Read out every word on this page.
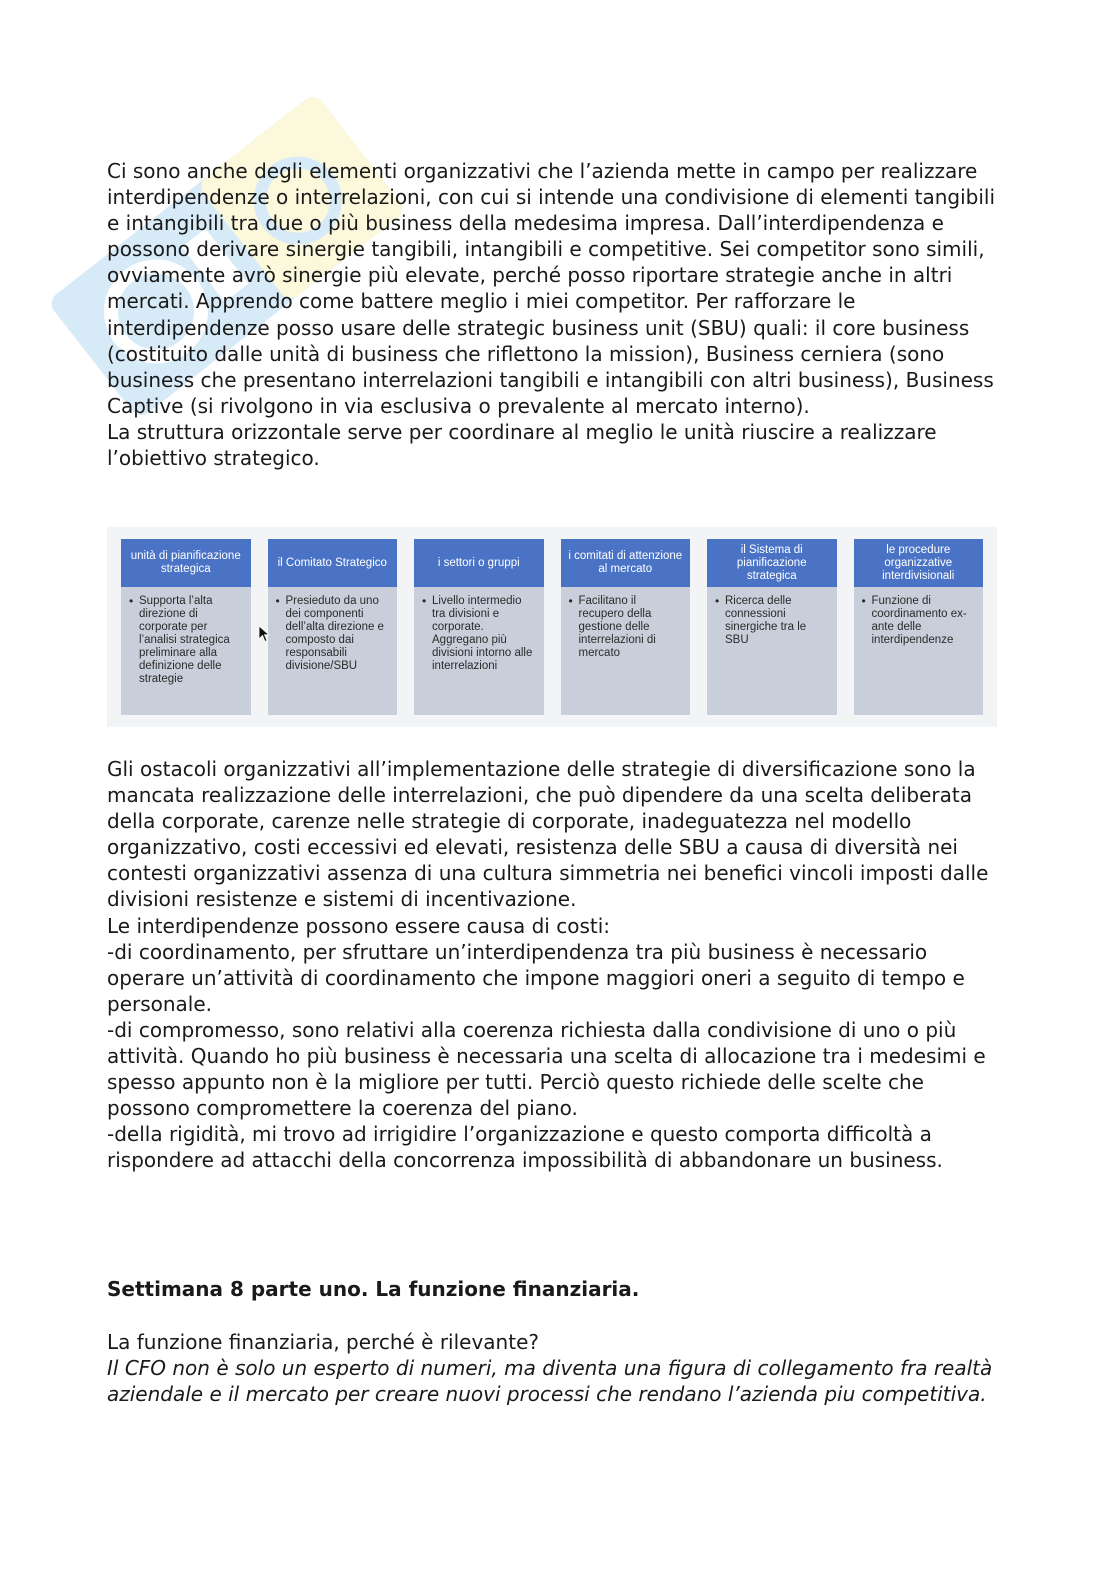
Ci sono anche degli elementi organizzativi che l’azienda mette in campo per realizzare interdipendenze o interrelazioni, con cui si intende una condivisione di elementi tangibili e intangibili tra due o più business della medesima impresa. Dall’interdipendenza e possono derivare sinergie tangibili, intangibili e competitive. Sei competitor sono simili, ovviamente avrò sinergie più elevate, perché posso riportare strategie anche in altri mercati. Apprendo come battere meglio i miei competitor. Per rafforzare le interdipendenze posso usare delle strategic business unit (SBU) quali: il core business (costituito dalle unità di business che riflettono la mission), Business cerniera (sono business che presentano interrelazioni tangibili e intangibili con altri business), Business Captive (si rivolgono in via esclusiva o prevalente al mercato interno).

La struttura orizzontale serve per coordinare al meglio le unità riuscire a realizzare l’obiettivo strategico.

unità di pianificazione strategica
• Supporta l’alta direzione di corporate per l’analisi strategica preliminare alla definizione delle strategie
il Comitato Strategico
• Presieduto da uno dei componenti dell’alta direzione e composto dai responsabili divisione/SBU
i settori o gruppi
• Livello intermedio tra divisioni e corporate. Aggregano più divisioni intorno alle interrelazioni
i comitati di attenzione al mercato
• Facilitano il recupero della gestione delle interrelazioni di mercato
il Sistema di pianificazione strategica
• Ricerca delle connessioni sinergiche tra le SBU
le procedure organizzative interdivisionali
• Funzione di coordinamento ex-ante delle interdipendenze

Gli ostacoli organizzativi all’implementazione delle strategie di diversificazione sono la mancata realizzazione delle interrelazioni, che può dipendere da una scelta deliberata della corporate, carenze nelle strategie di corporate, inadeguatezza nel modello organizzativo, costi eccessivi ed elevati, resistenza delle SBU a causa di diversità nei contesti organizzativi assenza di una cultura simmetria nei benefici vincoli imposti dalle divisioni resistenze e sistemi di incentivazione.

Le interdipendenze possono essere causa di costi:

-di coordinamento, per sfruttare un’interdipendenza tra più business è necessario operare un’attività di coordinamento che impone maggiori oneri a seguito di tempo e personale.

-di compromesso, sono relativi alla coerenza richiesta dalla condivisione di uno o più attività. Quando ho più business è necessaria una scelta di allocazione tra i medesimi e spesso appunto non è la migliore per tutti. Perciò questo richiede delle scelte che possono compromettere la coerenza del piano.

-della rigidità, mi trovo ad irrigidire l’organizzazione e questo comporta difficoltà a rispondere ad attacchi della concorrenza impossibilità di abbandonare un business.

Settimana 8 parte uno. La funzione finanziaria.

La funzione finanziaria, perché è rilevante?

Il CFO non è solo un esperto di numeri, ma diventa una figura di collegamento fra realtà aziendale e il mercato per creare nuovi processi che rendano l’azienda piu competitiva.
